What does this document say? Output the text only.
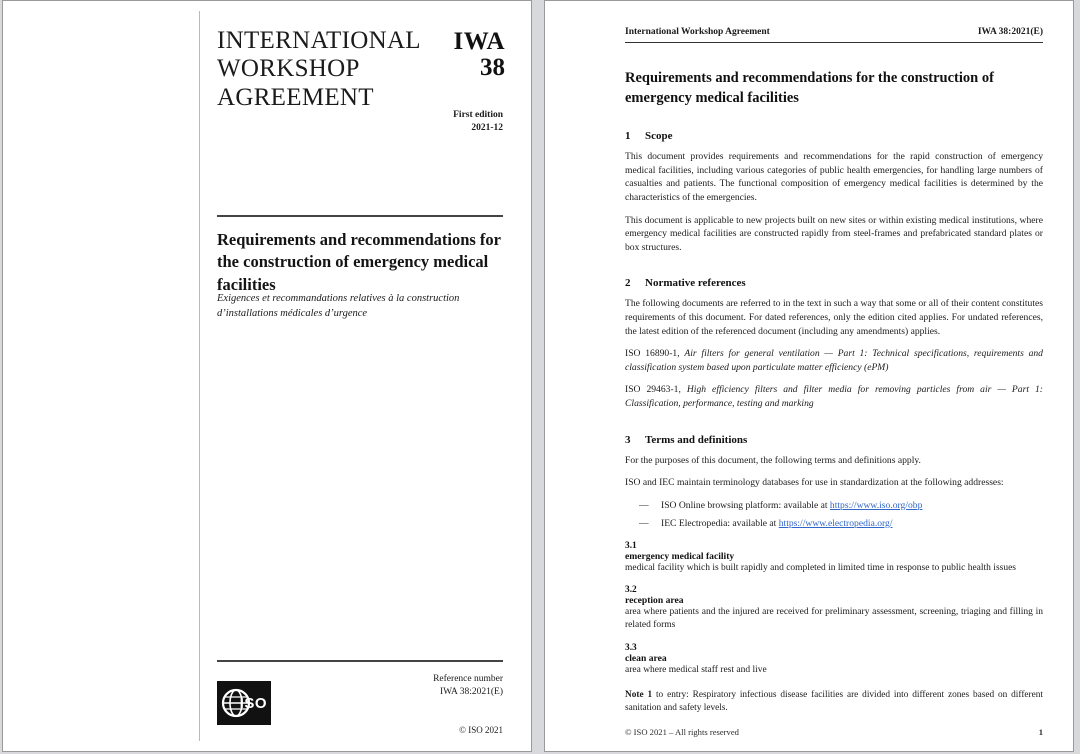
INTERNATIONAL
WORKSHOP
AGREEMENT
IWA
38
First edition
2021-12
Requirements and recommendations for the construction of emergency medical facilities
Exigences et recommandations relatives à la construction
d’installations médicales d’urgence
Reference number
IWA 38:2021(E)
ISO
© ISO 2021
International Workshop Agreement	IWA 38:2021(E)
Requirements and recommendations for the construction of emergency medical facilities
1	Scope

This document provides requirements and recommendations for the rapid construction of emergency medical facilities, including various categories of public health emergencies, for handling large numbers of casualties and patients. The functional composition of emergency medical facilities is determined by the characteristics of the emergencies.

This document is applicable to new projects built on new sites or within existing medical institutions, where emergency medical facilities are constructed rapidly from steel-frames and prefabricated standard plates or box structures.

2	Normative references

The following documents are referred to in the text in such a way that some or all of their content constitutes requirements of this document. For dated references, only the edition cited applies. For undated references, the latest edition of the referenced document (including any amendments) applies.

ISO 16890-1, Air filters for general ventilation — Part 1: Technical specifications, requirements and classification system based upon particulate matter efficiency (ePM)

ISO 29463-1, High efficiency filters and filter media for removing particles from air — Part 1: Classification, performance, testing and marking

3	Terms and definitions

For the purposes of this document, the following terms and definitions apply.

ISO and IEC maintain terminology databases for use in standardization at the following addresses:

—	ISO Online browsing platform: available at https://www.iso.org/obp
—	IEC Electropedia: available at https://www.electropedia.org/
3.1
emergency medical facility
medical facility which is built rapidly and completed in limited time in response to public health issues
3.2
reception area
area where patients and the injured are received for preliminary assessment, screening, triaging and filling in related forms
3.3
clean area
area where medical staff rest and live
Note 1 to entry: Respiratory infectious disease facilities are divided into different zones based on different sanitation and safety levels.
© ISO 2021 – All rights reserved	1
